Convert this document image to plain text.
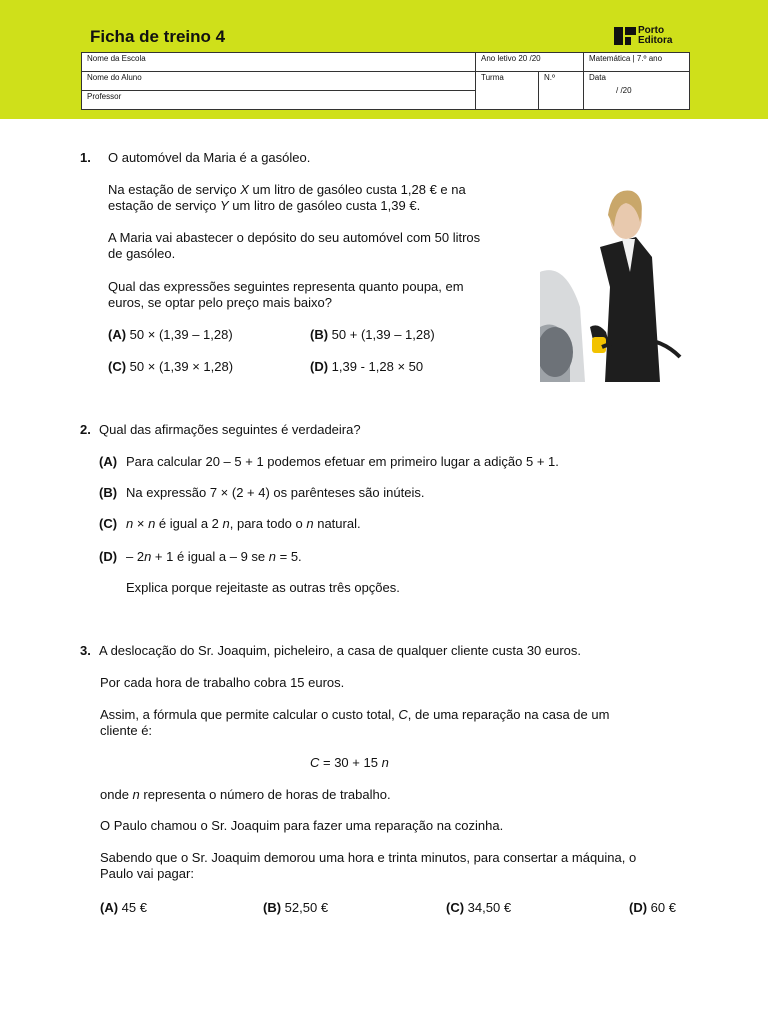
Ficha de treino 4	Porto
Editora
Nome da Escola	Ano letivo 20 /20		Matemática | 7.º ano
Nome do Aluno	Turma	N.º	Data
/ /20

Professor			
1. O automóvel da Maria é a gasóleo.
Na estação de serviço X um litro de gasóleo custa 1,28 € e na
estação de serviço Y um litro de gasóleo custa 1,39 €.
A Maria vai abastecer o depósito do seu automóvel com 50 litros
de gasóleo.
Qual das expressões seguintes representa quanto poupa, em
euros, se optar pelo preço mais baixo?
(A) 50 × (1,39 – 1,28)	(B) 50 + (1,39 – 1,28)
(C) 50 × (1,39 × 1,28)	(D) 1,39 - 1,28 × 50
2. Qual das afirmações seguintes é verdadeira?
(A) Para calcular 20 – 5 + 1 podemos efetuar em primeiro lugar a adição 5 + 1.
(B) Na expressão 7 × (2 + 4) os parênteses são inúteis.
(C) n × n é igual a 2 n, para todo o n natural.
(D) – 2n + 1 é igual a – 9 se n = 5.
Explica porque rejeitaste as outras três opções.
3. A deslocação do Sr. Joaquim, picheleiro, a casa de qualquer cliente custa 30 euros.
Por cada hora de trabalho cobra 15 euros.
Assim, a fórmula que permite calcular o custo total, C, de uma reparação na casa de um
cliente é:
C = 30 + 15 n
onde n representa o número de horas de trabalho.
O Paulo chamou o Sr. Joaquim para fazer uma reparação na cozinha.
Sabendo que o Sr. Joaquim demorou uma hora e trinta minutos, para consertar a máquina, o
Paulo vai pagar:
(A) 45 €	(B) 52,50 €	(C) 34,50 €	(D) 60 €
